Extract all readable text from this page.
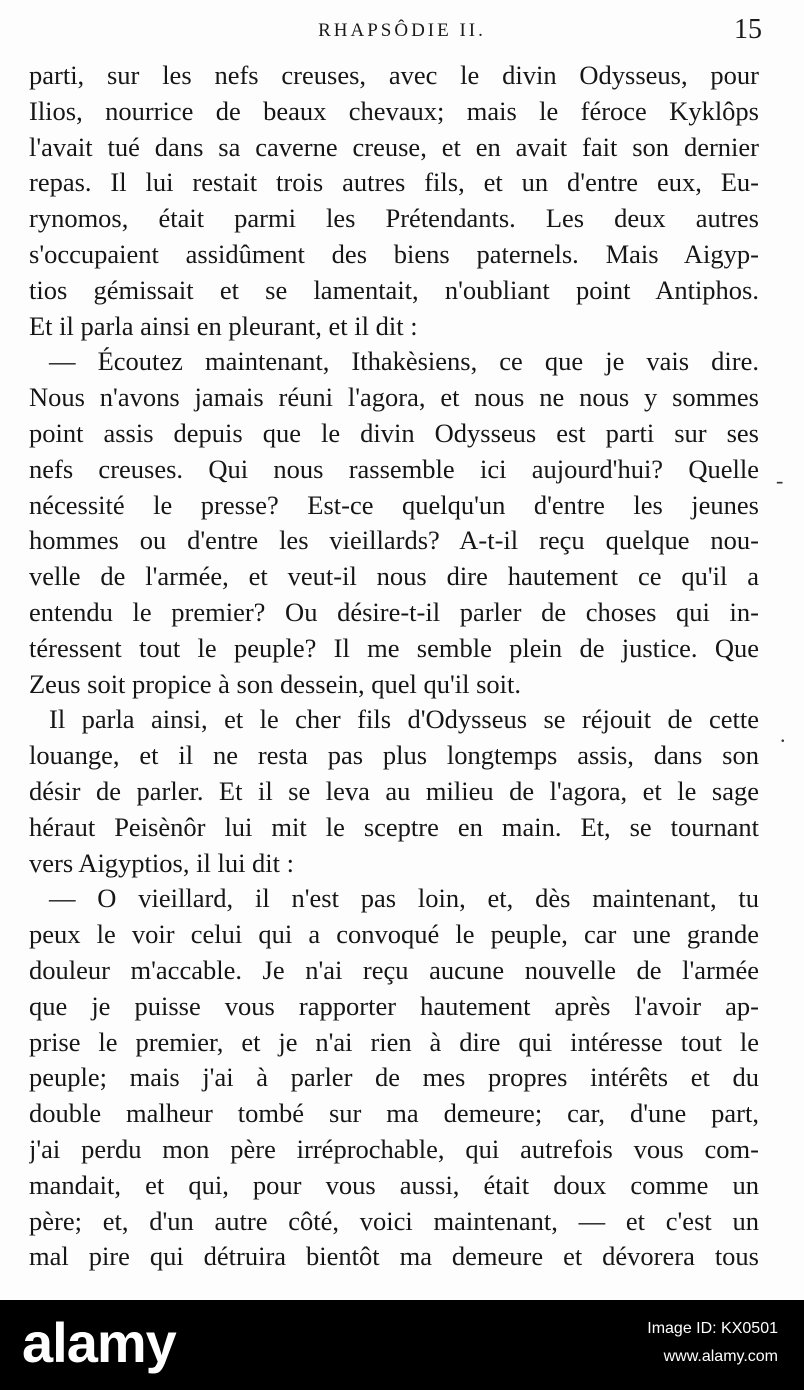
RHAPSÔDIE II.	15
parti, sur les nefs creuses, avec le divin Odysseus, pour
Ilios, nourrice de beaux chevaux; mais le féroce Kyklôps
l'avait tué dans sa caverne creuse, et en avait fait son dernier
repas. Il lui restait trois autres fils, et un d'entre eux, Eu-
rynomos, était parmi les Prétendants. Les deux autres
s'occupaient assidûment des biens paternels. Mais Aigyp-
tios gémissait et se lamentait, n'oubliant point Antiphos.
Et il parla ainsi en pleurant, et il dit :
— Écoutez maintenant, Ithakèsiens, ce que je vais dire.
Nous n'avons jamais réuni l'agora, et nous ne nous y sommes
point assis depuis que le divin Odysseus est parti sur ses
nefs creuses. Qui nous rassemble ici aujourd'hui? Quelle
nécessité le presse? Est-ce quelqu'un d'entre les jeunes
hommes ou d'entre les vieillards? A-t-il reçu quelque nou-
velle de l'armée, et veut-il nous dire hautement ce qu'il a
entendu le premier? Ou désire-t-il parler de choses qui in-
téressent tout le peuple? Il me semble plein de justice. Que
Zeus soit propice à son dessein, quel qu'il soit.
Il parla ainsi, et le cher fils d'Odysseus se réjouit de cette
louange, et il ne resta pas plus longtemps assis, dans son
désir de parler. Et il se leva au milieu de l'agora, et le sage
héraut Peisènôr lui mit le sceptre en main. Et, se tournant
vers Aigyptios, il lui dit :
— O vieillard, il n'est pas loin, et, dès maintenant, tu
peux le voir celui qui a convoqué le peuple, car une grande
douleur m'accable. Je n'ai reçu aucune nouvelle de l'armée
que je puisse vous rapporter hautement après l'avoir ap-
prise le premier, et je n'ai rien à dire qui intéresse tout le
peuple; mais j'ai à parler de mes propres intérêts et du
double malheur tombé sur ma demeure; car, d'une part,
j'ai perdu mon père irréprochable, qui autrefois vous com-
mandait, et qui, pour vous aussi, était doux comme un
père; et, d'un autre côté, voici maintenant, — et c'est un
mal pire qui détruira bientôt ma demeure et dévorera tous
-
.
alamy	Image ID: KX0501
www.alamy.com
